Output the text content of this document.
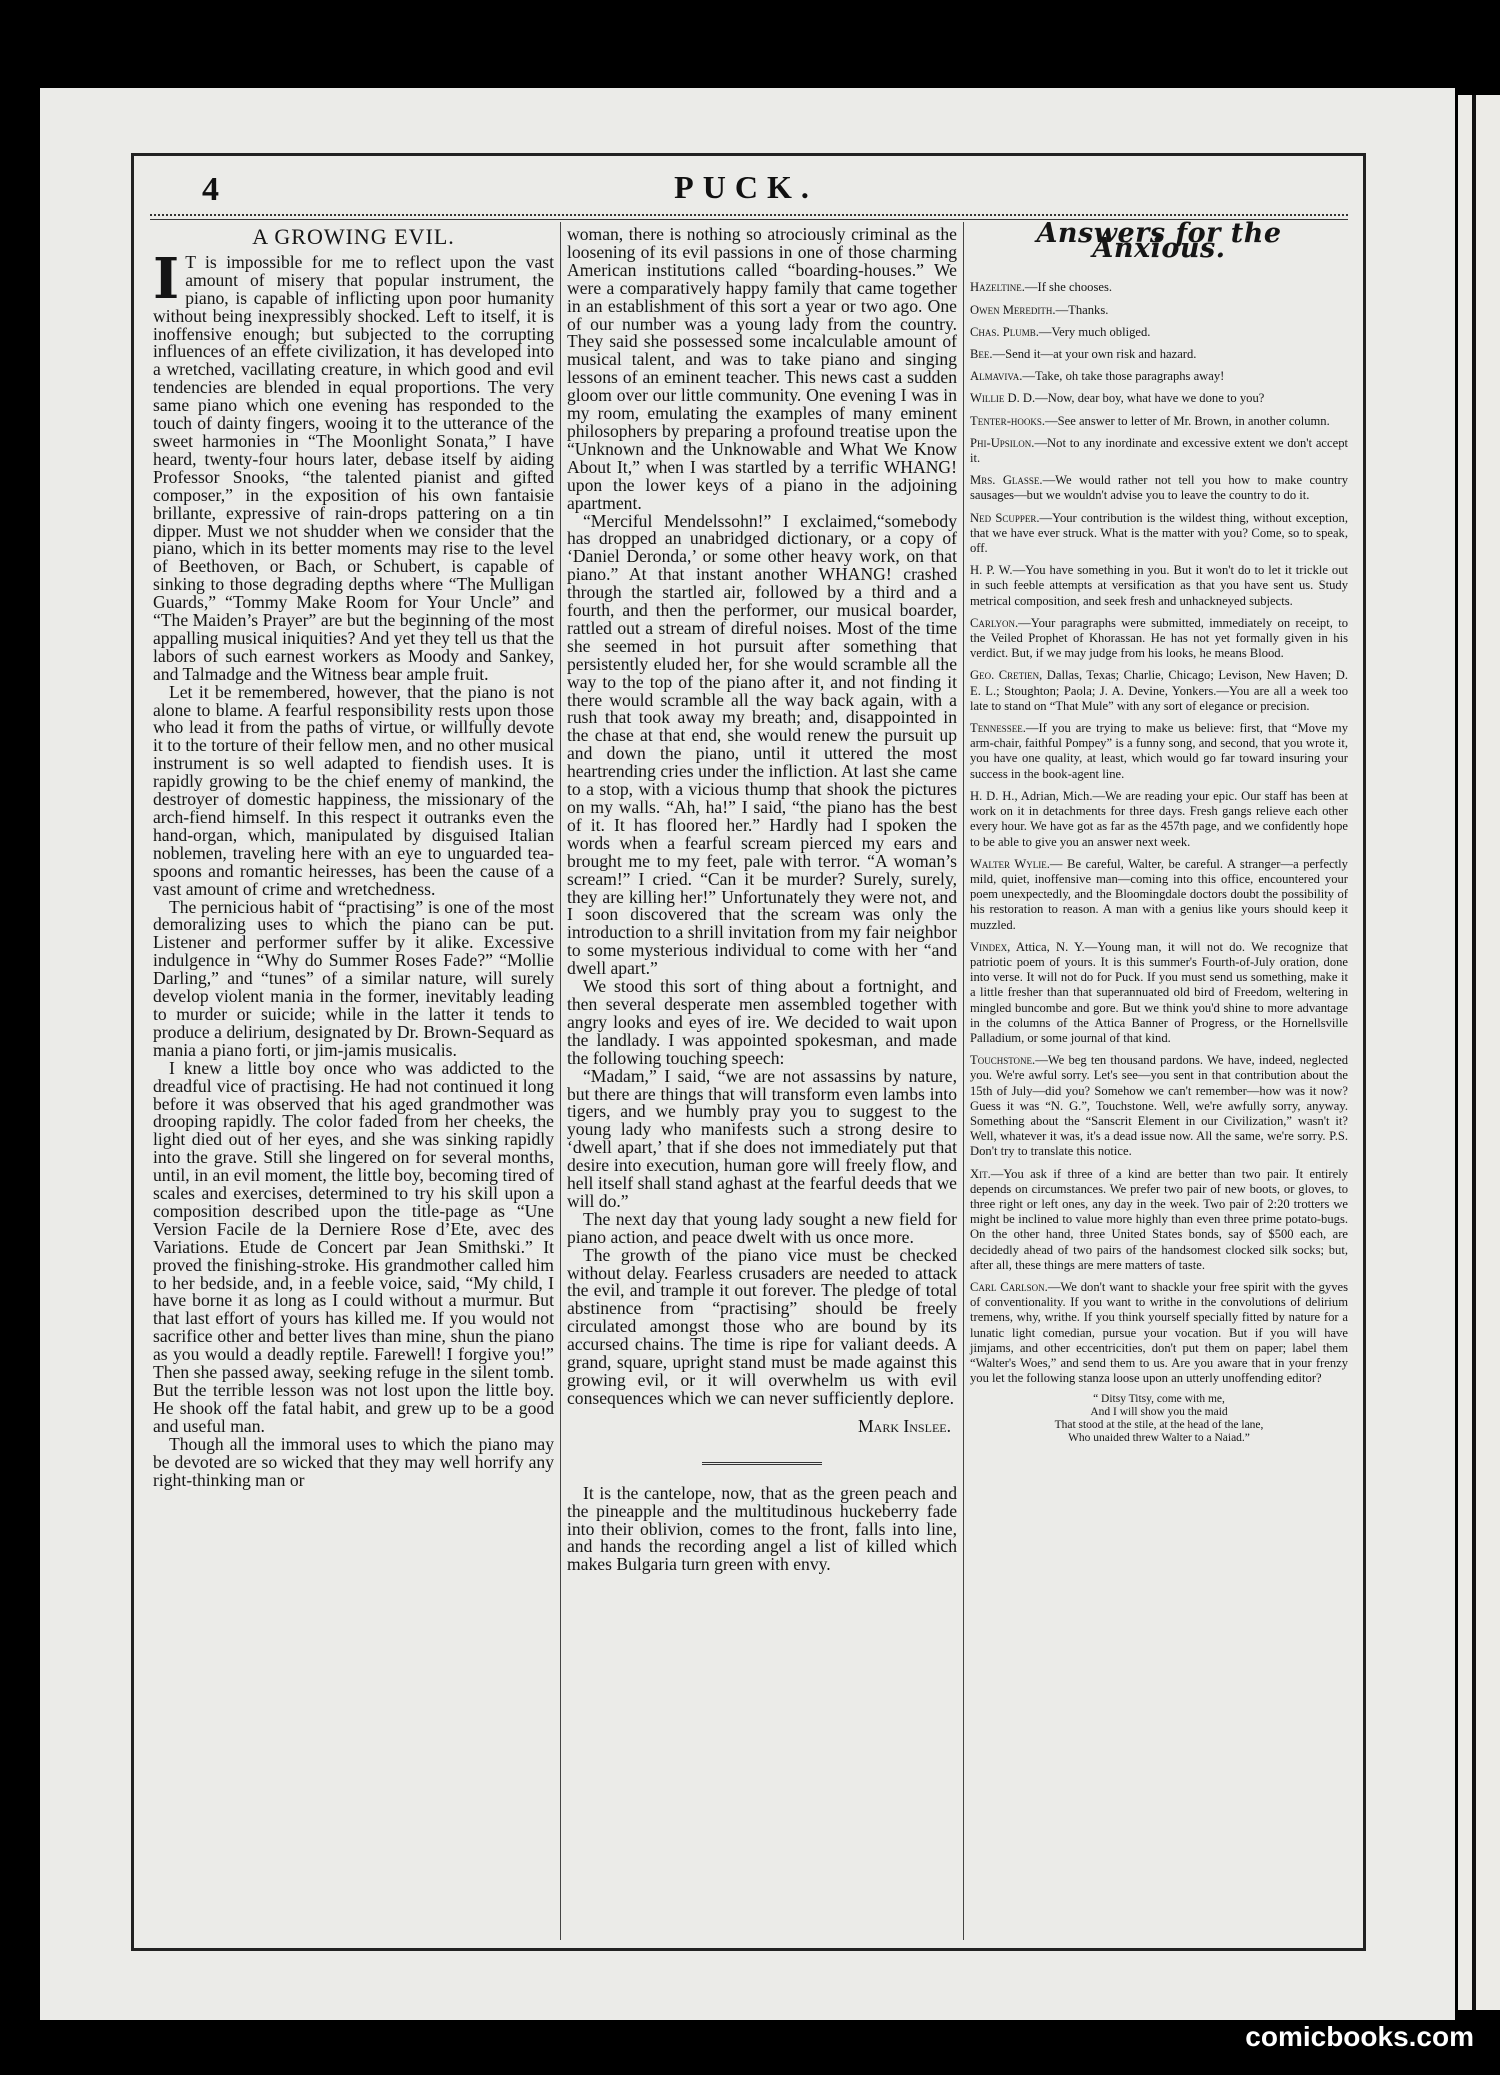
4	PUCK.
A GROWING EVIL.
I T is impossible for me to reflect upon the vast amount of misery that popular instrument, the piano, is capable of inflicting upon poor humanity without being inexpressibly shocked. Left to itself, it is inoffensive enough; but subjected to the corrupting influences of an effete civilization, it has developed into a wretched, vacillating creature, in which good and evil tendencies are blended in equal proportions. The very same piano which one evening has responded to the touch of dainty fingers, wooing it to the utterance of the sweet harmonies in “The Moonlight Sonata,” I have heard, twenty-four hours later, debase itself by aiding Professor Snooks, “the talented pianist and gifted composer,” in the exposition of his own fantaisie brillante, expressive of rain-drops pattering on a tin dipper. Must we not shudder when we consider that the piano, which in its better moments may rise to the level of Beethoven, or Bach, or Schubert, is capable of sinking to those degrading depths where “The Mulligan Guards,” “Tommy Make Room for Your Uncle” and “The Maiden’s Prayer” are but the beginning of the most appalling musical iniquities? And yet they tell us that the labors of such earnest workers as Moody and Sankey, and Talmadge and the Witness bear ample fruit.

Let it be remembered, however, that the piano is not alone to blame. A fearful responsibility rests upon those who lead it from the paths of virtue, or willfully devote it to the torture of their fellow men, and no other musical instrument is so well adapted to fiendish uses. It is rapidly growing to be the chief enemy of mankind, the destroyer of domestic happiness, the missionary of the arch-fiend himself. In this respect it outranks even the hand-organ, which, manipulated by disguised Italian noblemen, traveling here with an eye to unguarded tea-spoons and romantic heiresses, has been the cause of a vast amount of crime and wretchedness.

The pernicious habit of “practising” is one of the most demoralizing uses to which the piano can be put. Listener and performer suffer by it alike. Excessive indulgence in “Why do Summer Roses Fade?” “Mollie Darling,” and “tunes” of a similar nature, will surely develop violent mania in the former, inevitably leading to murder or suicide; while in the latter it tends to produce a delirium, designated by Dr. Brown-Sequard as mania a piano forti, or jim-jamis musicalis.

I knew a little boy once who was addicted to the dreadful vice of practising. He had not continued it long before it was observed that his aged grandmother was drooping rapidly. The color faded from her cheeks, the light died out of her eyes, and she was sinking rapidly into the grave. Still she lingered on for several months, until, in an evil moment, the little boy, becoming tired of scales and exercises, determined to try his skill upon a composition described upon the title-page as “Une Version Facile de la Derniere Rose d’Ete, avec des Variations. Etude de Concert par Jean Smithski.” It proved the finishing-stroke. His grandmother called him to her bedside, and, in a feeble voice, said, “My child, I have borne it as long as I could without a murmur. But that last effort of yours has killed me. If you would not sacrifice other and better lives than mine, shun the piano as you would a deadly reptile. Farewell! I forgive you!” Then she passed away, seeking refuge in the silent tomb. But the terrible lesson was not lost upon the little boy. He shook off the fatal habit, and grew up to be a good and useful man.

Though all the immoral uses to which the piano may be devoted are so wicked that they may well horrify any right-thinking man or

woman, there is nothing so atrociously criminal as the loosening of its evil passions in one of those charming American institutions called “boarding-houses.” We were a comparatively happy family that came together in an establishment of this sort a year or two ago. One of our number was a young lady from the country. They said she possessed some incalculable amount of musical talent, and was to take piano and singing lessons of an eminent teacher. This news cast a sudden gloom over our little community. One evening I was in my room, emulating the examples of many eminent philosophers by preparing a profound treatise upon the “Unknown and the Unknowable and What We Know About It,” when I was startled by a terrific WHANG! upon the lower keys of a piano in the adjoining apartment.

“Merciful Mendelssohn!” I exclaimed,“somebody has dropped an unabridged dictionary, or a copy of ‘Daniel Deronda,’ or some other heavy work, on that piano.” At that instant another WHANG! crashed through the startled air, followed by a third and a fourth, and then the performer, our musical boarder, rattled out a stream of direful noises. Most of the time she seemed in hot pursuit after something that persistently eluded her, for she would scramble all the way to the top of the piano after it, and not finding it there would scramble all the way back again, with a rush that took away my breath; and, disappointed in the chase at that end, she would renew the pursuit up and down the piano, until it uttered the most heartrending cries under the infliction. At last she came to a stop, with a vicious thump that shook the pictures on my walls. “Ah, ha!” I said, “the piano has the best of it. It has floored her.” Hardly had I spoken the words when a fearful scream pierced my ears and brought me to my feet, pale with terror. “A woman’s scream!” I cried. “Can it be murder? Surely, surely, they are killing her!” Unfortunately they were not, and I soon discovered that the scream was only the introduction to a shrill invitation from my fair neighbor to some mysterious individual to come with her “and dwell apart.”

We stood this sort of thing about a fortnight, and then several desperate men assembled together with angry looks and eyes of ire. We decided to wait upon the landlady. I was appointed spokesman, and made the following touching speech:

“Madam,” I said, “we are not assassins by nature, but there are things that will transform even lambs into tigers, and we humbly pray you to suggest to the young lady who manifests such a strong desire to ‘dwell apart,’ that if she does not immediately put that desire into execution, human gore will freely flow, and hell itself shall stand aghast at the fearful deeds that we will do.”

The next day that young lady sought a new field for piano action, and peace dwelt with us once more.

The growth of the piano vice must be checked without delay. Fearless crusaders are needed to attack the evil, and trample it out forever. The pledge of total abstinence from “practising” should be freely circulated amongst those who are bound by its accursed chains. The time is ripe for valiant deeds. A grand, square, upright stand must be made against this growing evil, or it will overwhelm us with evil consequences which we can never sufficiently deplore.

Mark Inslee.

It is the cantelope, now, that as the green peach and the pineapple and the multitudinous huckeberry fade into their oblivion, comes to the front, falls into line, and hands the recording angel a list of killed which makes Bulgaria turn green with envy.

Answers for the Anxious.

Hazeltine.—If she chooses.

Owen Meredith.—Thanks.

Chas. Plumb.—Very much obliged.

Bee.—Send it—at your own risk and hazard.

Almaviva.—Take, oh take those paragraphs away!

Willie D. D.—Now, dear boy, what have we done to you?

Tenter-hooks.—See answer to letter of Mr. Brown, in another column.

Phi-Upsilon.—Not to any inordinate and excessive extent we don't accept it.

Mrs. Glasse.—We would rather not tell you how to make country sausages—but we wouldn't advise you to leave the country to do it.

Ned Scupper.—Your contribution is the wildest thing, without exception, that we have ever struck. What is the matter with you? Come, so to speak, off.

H. P. W.—You have something in you. But it won't do to let it trickle out in such feeble attempts at versification as that you have sent us. Study metrical composition, and seek fresh and unhackneyed subjects.

Carlyon.—Your paragraphs were submitted, immediately on receipt, to the Veiled Prophet of Khorassan. He has not yet formally given in his verdict. But, if we may judge from his looks, he means Blood.

Geo. Cretien, Dallas, Texas; Charlie, Chicago; Levison, New Haven; D. E. L.; Stoughton; Paola; J. A. Devine, Yonkers.—You are all a week too late to stand on “That Mule” with any sort of elegance or precision.

Tennessee.—If you are trying to make us believe: first, that “Move my arm-chair, faithful Pompey” is a funny song, and second, that you wrote it, you have one quality, at least, which would go far toward insuring your success in the book-agent line.

H. D. H., Adrian, Mich.—We are reading your epic. Our staff has been at work on it in detachments for three days. Fresh gangs relieve each other every hour. We have got as far as the 457th page, and we confidently hope to be able to give you an answer next week.

Walter Wylie.— Be careful, Walter, be careful. A stranger—a perfectly mild, quiet, inoffensive man—coming into this office, encountered your poem unexpectedly, and the Bloomingdale doctors doubt the possibility of his restoration to reason. A man with a genius like yours should keep it muzzled.

Vindex, Attica, N. Y.—Young man, it will not do. We recognize that patriotic poem of yours. It is this summer's Fourth-of-July oration, done into verse. It will not do for Puck. If you must send us something, make it a little fresher than that superannuated old bird of Freedom, weltering in mingled buncombe and gore. But we think you'd shine to more advantage in the columns of the Attica Banner of Progress, or the Hornellsville Palladium, or some journal of that kind.

Touchstone.—We beg ten thousand pardons. We have, indeed, neglected you. We're awful sorry. Let's see—you sent in that contribution about the 15th of July—did you? Somehow we can't remember—how was it now? Guess it was “N. G.”, Touchstone. Well, we're awfully sorry, anyway. Something about the “Sanscrit Element in our Civilization,” wasn't it? Well, whatever it was, it's a dead issue now. All the same, we're sorry. P.S. Don't try to translate this notice.

Xit.—You ask if three of a kind are better than two pair. It entirely depends on circumstances. We prefer two pair of new boots, or gloves, to three right or left ones, any day in the week. Two pair of 2:20 trotters we might be inclined to value more highly than even three prime potato-bugs. On the other hand, three United States bonds, say of $500 each, are decidedly ahead of two pairs of the handsomest clocked silk socks; but, after all, these things are mere matters of taste.

Carl Carlson.—We don't want to shackle your free spirit with the gyves of conventionality. If you want to writhe in the convolutions of delirium tremens, why, writhe. If you think yourself specially fitted by nature for a lunatic light comedian, pursue your vocation. But if you will have jimjams, and other eccentricities, don't put them on paper; label them “Walter's Woes,” and send them to us. Are you aware that in your frenzy you let the following stanza loose upon an utterly unoffending editor?

“ Ditsy Titsy, come with me,
And I will show you the maid
That stood at the stile, at the head of the lane,
Who unaided threw Walter to a Naiad.”
comicbooks.com
